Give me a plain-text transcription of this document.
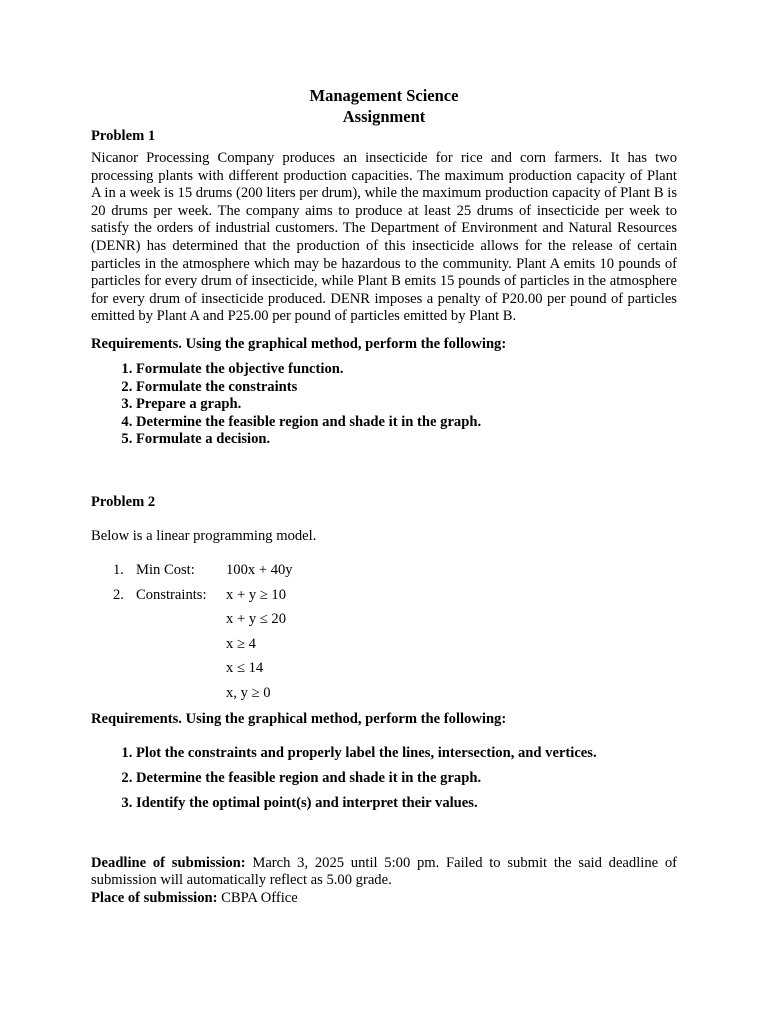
Management Science
Assignment
Problem 1

Nicanor Processing Company produces an insecticide for rice and corn farmers. It has two processing plants with different production capacities. The maximum production capacity of Plant A in a week is 15 drums (200 liters per drum), while the maximum production capacity of Plant B is 20 drums per week. The company aims to produce at least 25 drums of insecticide per week to satisfy the orders of industrial customers. The Department of Environment and Natural Resources (DENR) has determined that the production of this insecticide allows for the release of certain particles in the atmosphere which may be hazardous to the community. Plant A emits 10 pounds of particles for every drum of insecticide, while Plant B emits 15 pounds of particles in the atmosphere for every drum of insecticide produced. DENR imposes a penalty of P20.00 per pound of particles emitted by Plant A and P25.00 per pound of particles emitted by Plant B.

Requirements. Using the graphical method, perform the following:
1. Formulate the objective function.
2. Formulate the constraints
3. Prepare a graph.
4. Determine the feasible region and shade it in the graph.
5. Formulate a decision.
Problem 2
Below is a linear programming model.
1. Min Cost:	100x + 40y
2. Constraints:	x + y ≥ 10
x + y ≤ 20
x ≥ 4
x ≤ 14
x, y ≥ 0
Requirements. Using the graphical method, perform the following:
1. Plot the constraints and properly label the lines, intersection, and vertices.
2. Determine the feasible region and shade it in the graph.
3. Identify the optimal point(s) and interpret their values.

Deadline of submission: March 3, 2025 until 5:00 pm. Failed to submit the said deadline of submission will automatically reflect as 5.00 grade.

Place of submission: CBPA Office
